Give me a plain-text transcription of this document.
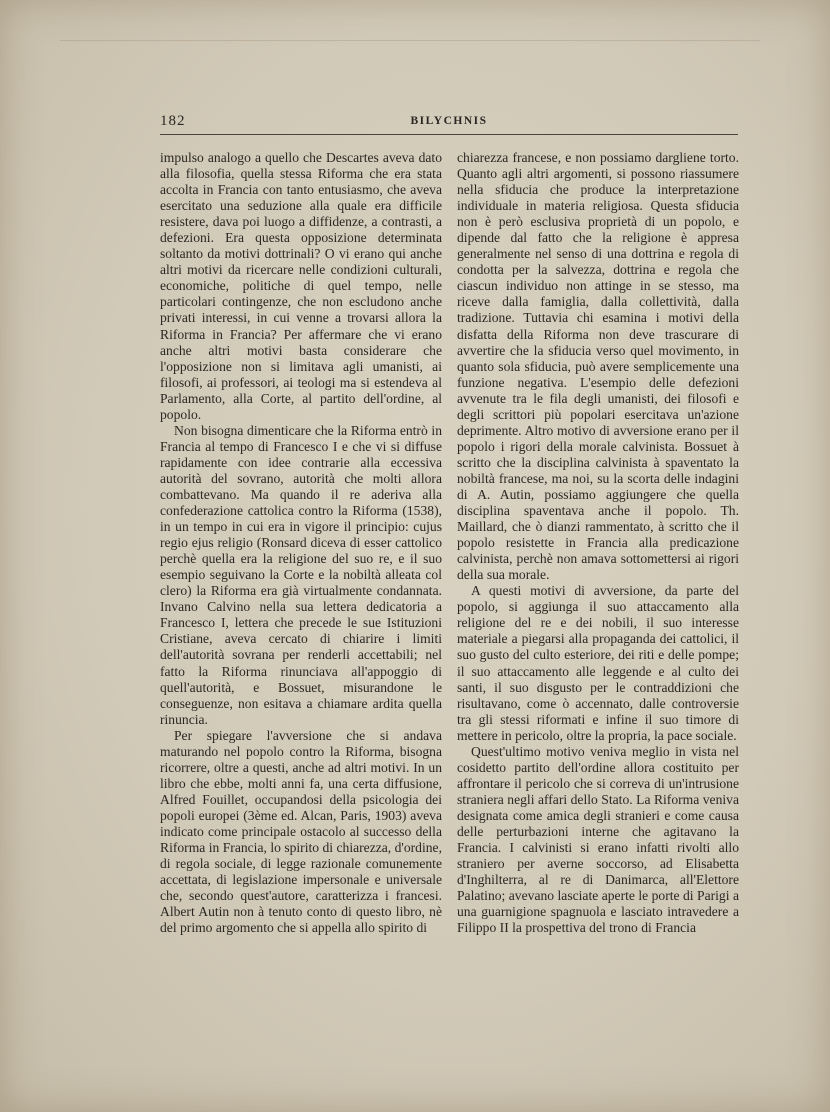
182	BILYCHNIS

impulso analogo a quello che Descartes aveva dato alla filosofia, quella stessa Riforma che era stata accolta in Francia con tanto entusiasmo, che aveva esercitato una seduzione alla quale era difficile resistere, dava poi luogo a diffidenze, a contrasti, a defezioni. Era questa opposizione determinata soltanto da motivi dottrinali? O vi erano qui anche altri motivi da ricercare nelle condizioni culturali, economiche, politiche di quel tempo, nelle particolari contingenze, che non escludono anche privati interessi, in cui venne a trovarsi allora la Riforma in Francia? Per affermare che vi erano anche altri motivi basta considerare che l'opposizione non si limitava agli umanisti, ai filosofi, ai professori, ai teologi ma si estendeva al Parlamento, alla Corte, al partito dell'ordine, al popolo.

Non bisogna dimenticare che la Riforma entrò in Francia al tempo di Francesco I e che vi si diffuse rapidamente con idee contrarie alla eccessiva autorità del sovrano, autorità che molti allora combattevano. Ma quando il re aderiva alla confederazione cattolica contro la Riforma (1538), in un tempo in cui era in vigore il principio: cujus regio ejus religio (Ronsard diceva di esser cattolico perchè quella era la religione del suo re, e il suo esempio seguivano la Corte e la nobiltà alleata col clero) la Riforma era già virtualmente condannata. Invano Calvino nella sua lettera dedicatoria a Francesco I, lettera che precede le sue Istituzioni Cristiane, aveva cercato di chiarire i limiti dell'autorità sovrana per renderli accettabili; nel fatto la Riforma rinunciava all'appoggio di quell'autorità, e Bossuet, misurandone le conseguenze, non esitava a chiamare ardita quella rinuncia.

Per spiegare l'avversione che si andava maturando nel popolo contro la Riforma, bisogna ricorrere, oltre a questi, anche ad altri motivi. In un libro che ebbe, molti anni fa, una certa diffusione, Alfred Fouillet, occupandosi della psicologia dei popoli europei (3ème ed. Alcan, Paris, 1903) aveva indicato come principale ostacolo al successo della Riforma in Francia, lo spirito di chiarezza, d'ordine, di regola sociale, di legge razionale comunemente accettata, di legislazione impersonale e universale che, secondo quest'autore, caratterizza i francesi. Albert Autin non à tenuto conto di questo libro, nè del primo argomento che si appella allo spirito di

chiarezza francese, e non possiamo dargliene torto. Quanto agli altri argomenti, si possono riassumere nella sfiducia che produce la interpretazione individuale in materia religiosa. Questa sfiducia non è però esclusiva proprietà di un popolo, e dipende dal fatto che la religione è appresa generalmente nel senso di una dottrina e regola di condotta per la salvezza, dottrina e regola che ciascun individuo non attinge in se stesso, ma riceve dalla famiglia, dalla collettività, dalla tradizione. Tuttavia chi esamina i motivi della disfatta della Riforma non deve trascurare di avvertire che la sfiducia verso quel movimento, in quanto sola sfiducia, può avere semplicemente una funzione negativa. L'esempio delle defezioni avvenute tra le fila degli umanisti, dei filosofi e degli scrittori più popolari esercitava un'azione deprimente. Altro motivo di avversione erano per il popolo i rigori della morale calvinista. Bossuet à scritto che la disciplina calvinista à spaventato la nobiltà francese, ma noi, su la scorta delle indagini di A. Autin, possiamo aggiungere che quella disciplina spaventava anche il popolo. Th. Maillard, che ò dianzi rammentato, à scritto che il popolo resistette in Francia alla predicazione calvinista, perchè non amava sottomettersi ai rigori della sua morale.

A questi motivi di avversione, da parte del popolo, si aggiunga il suo attaccamento alla religione del re e dei nobili, il suo interesse materiale a piegarsi alla propaganda dei cattolici, il suo gusto del culto esteriore, dei riti e delle pompe; il suo attaccamento alle leggende e al culto dei santi, il suo disgusto per le contraddizioni che risultavano, come ò accennato, dalle controversie tra gli stessi riformati e infine il suo timore di mettere in pericolo, oltre la propria, la pace sociale.

Quest'ultimo motivo veniva meglio in vista nel cosidetto partito dell'ordine allora costituito per affrontare il pericolo che si correva di un'intrusione straniera negli affari dello Stato. La Riforma veniva designata come amica degli stranieri e come causa delle perturbazioni interne che agitavano la Francia. I calvinisti si erano infatti rivolti allo straniero per averne soccorso, ad Elisabetta d'Inghilterra, al re di Danimarca, all'Elettore Palatino; avevano lasciate aperte le porte di Parigi a una guarnigione spagnuola e lasciato intravedere a Filippo II la prospettiva del trono di Francia
